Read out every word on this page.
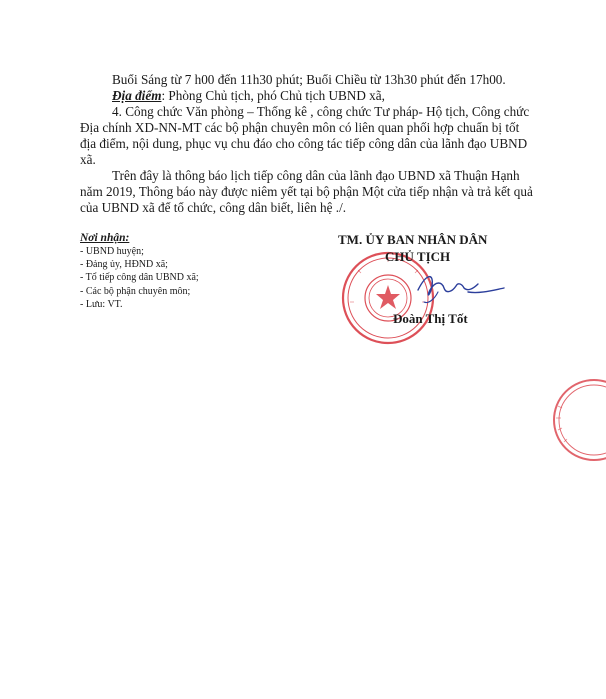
Buổi Sáng từ 7 h00 đến 11h30 phút; Buổi Chiều từ 13h30 phút đến 17h00.
Địa điểm: Phòng Chủ tịch, phó Chủ tịch UBND xã,
4. Công chức Văn phòng – Thống kê , công chức Tư pháp- Hộ tịch, Công chức
Địa chính XD-NN-MT các bộ phận chuyên môn có liên quan phối hợp chuẩn bị tốt
địa điểm, nội dung, phục vụ chu đáo cho công tác tiếp công dân của lãnh đạo UBND
xã.
Trên đây là thông báo lịch tiếp công dân của lãnh đạo UBND xã Thuận Hạnh
năm 2019, Thông báo này được niêm yết tại bộ phận Một cửa tiếp nhận và trả kết quả
của UBND xã để tổ chức, công dân biết, liên hệ ./.
Nơi nhận:
- UBND huyện;
- Đảng ủy, HĐND xã;
- Tổ tiếp công dân UBND xã;
- Các bộ phận chuyên môn;
- Lưu: VT.
TM. ỦY BAN NHÂN DÂN
CHỦ TỊCH
Đoàn Thị Tốt
